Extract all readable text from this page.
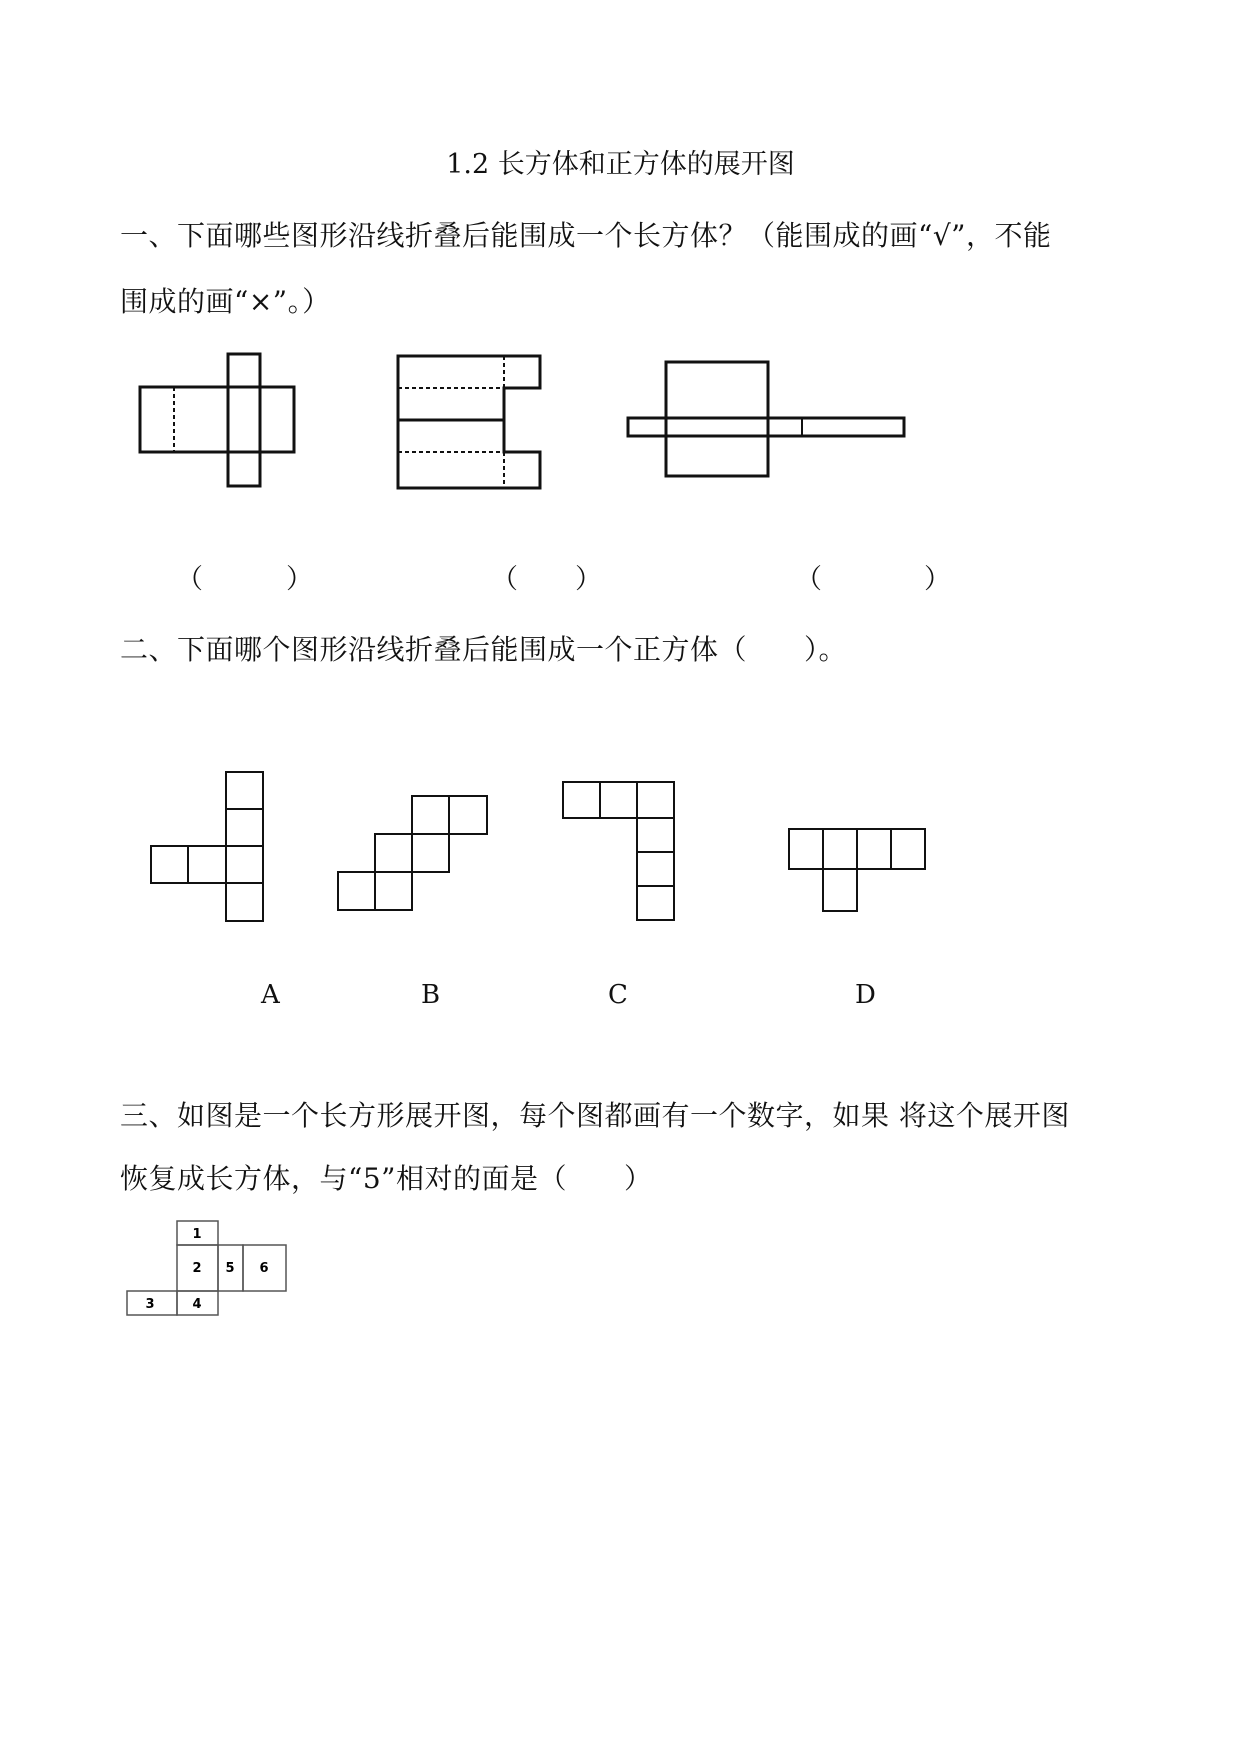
1.2 长方体和正方体的展开图
一、下面哪些图形沿线折叠后能围成一个长方体？（能围成的画“√”，不能
围成的画“×”。）
（	）	（ ）	（	）
二、下面哪个图形沿线折叠后能围成一个正方体（　　）。
A	B	C	D
三、如图是一个长方形展开图，每个图都画有一个数字，如果 将这个展开图
恢复成长方体，与“5”相对的面是（　　）
1
2 5 6
3	4
